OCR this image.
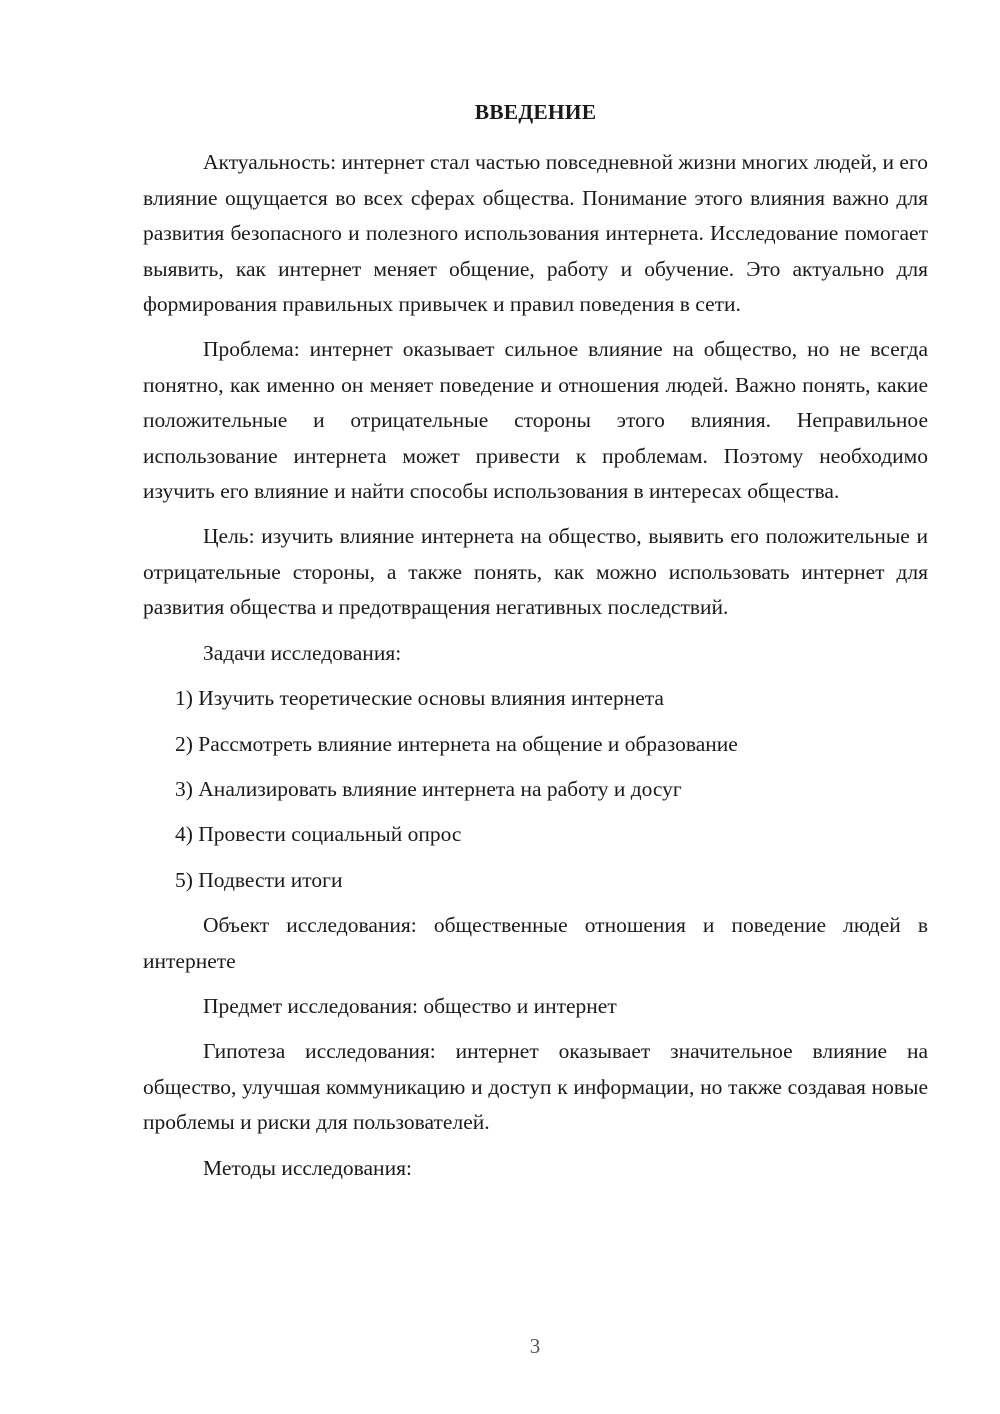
ВВЕДЕНИЕ

Актуальность: интернет стал частью повседневной жизни многих людей, и его влияние ощущается во всех сферах общества. Понимание этого влияния важно для развития безопасного и полезного использования интернета. Исследование помогает выявить, как интернет меняет общение, работу и обучение. Это актуально для формирования правильных привычек и правил поведения в сети.

Проблема: интернет оказывает сильное влияние на общество, но не всегда понятно, как именно он меняет поведение и отношения людей. Важно понять, какие положительные и отрицательные стороны этого влияния. Неправильное использование интернета может привести к проблемам. Поэтому необходимо изучить его влияние и найти способы использования в интересах общества.

Цель: изучить влияние интернета на общество, выявить его положительные и отрицательные стороны, а также понять, как можно использовать интернет для развития общества и предотвращения негативных последствий.

Задачи исследования:

1) Изучить теоретические основы влияния интернета

2) Рассмотреть влияние интернета на общение и образование

3) Анализировать влияние интернета на работу и досуг

4) Провести социальный опрос

5) Подвести итоги

Объект исследования: общественные отношения и поведение людей в интернете

Предмет исследования: общество и интернет

Гипотеза исследования: интернет оказывает значительное влияние на общество, улучшая коммуникацию и доступ к информации, но также создавая новые проблемы и риски для пользователей.

Методы исследования:

3
